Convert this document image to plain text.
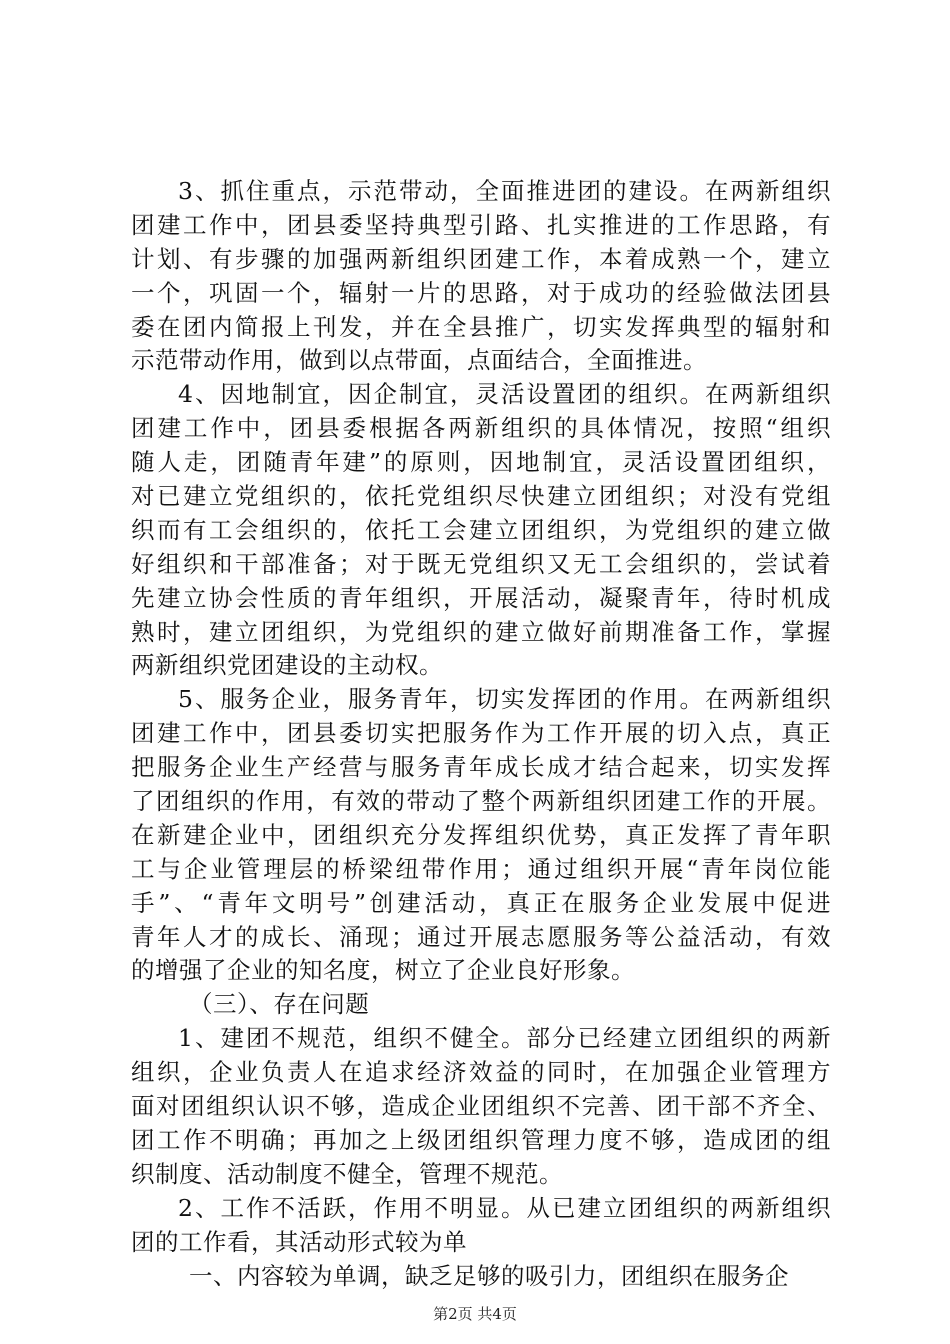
3、抓住重点，示范带动，全面推进团的建设。在两新组织
团建工作中，团县委坚持典型引路、扎实推进的工作思路，有
计划、有步骤的加强两新组织团建工作，本着成熟一个，建立
一个，巩固一个，辐射一片的思路，对于成功的经验做法团县
委在团内简报上刊发，并在全县推广，切实发挥典型的辐射和
示范带动作用，做到以点带面，点面结合，全面推进。
4、因地制宜，因企制宜，灵活设置团的组织。在两新组织
团建工作中，团县委根据各两新组织的具体情况，按照“组织
随人走，团随青年建”的原则，因地制宜，灵活设置团组织，
对已建立党组织的，依托党组织尽快建立团组织；对没有党组
织而有工会组织的，依托工会建立团组织，为党组织的建立做
好组织和干部准备；对于既无党组织又无工会组织的，尝试着
先建立协会性质的青年组织，开展活动，凝聚青年，待时机成
熟时，建立团组织，为党组织的建立做好前期准备工作，掌握
两新组织党团建设的主动权。
5、服务企业，服务青年，切实发挥团的作用。在两新组织
团建工作中，团县委切实把服务作为工作开展的切入点，真正
把服务企业生产经营与服务青年成长成才结合起来，切实发挥
了团组织的作用，有效的带动了整个两新组织团建工作的开展。
在新建企业中，团组织充分发挥组织优势，真正发挥了青年职
工与企业管理层的桥梁纽带作用；通过组织开展“青年岗位能
手”、“青年文明号”创建活动，真正在服务企业发展中促进
青年人才的成长、涌现；通过开展志愿服务等公益活动，有效
的增强了企业的知名度，树立了企业良好形象。
（三）、存在问题
1、建团不规范，组织不健全。部分已经建立团组织的两新
组织，企业负责人在追求经济效益的同时，在加强企业管理方
面对团组织认识不够，造成企业团组织不完善、团干部不齐全、
团工作不明确；再加之上级团组织管理力度不够，造成团的组
织制度、活动制度不健全，管理不规范。
2、工作不活跃，作用不明显。从已建立团组织的两新组织
团的工作看，其活动形式较为单
一、内容较为单调，缺乏足够的吸引力，团组织在服务企
第2页 共4页
